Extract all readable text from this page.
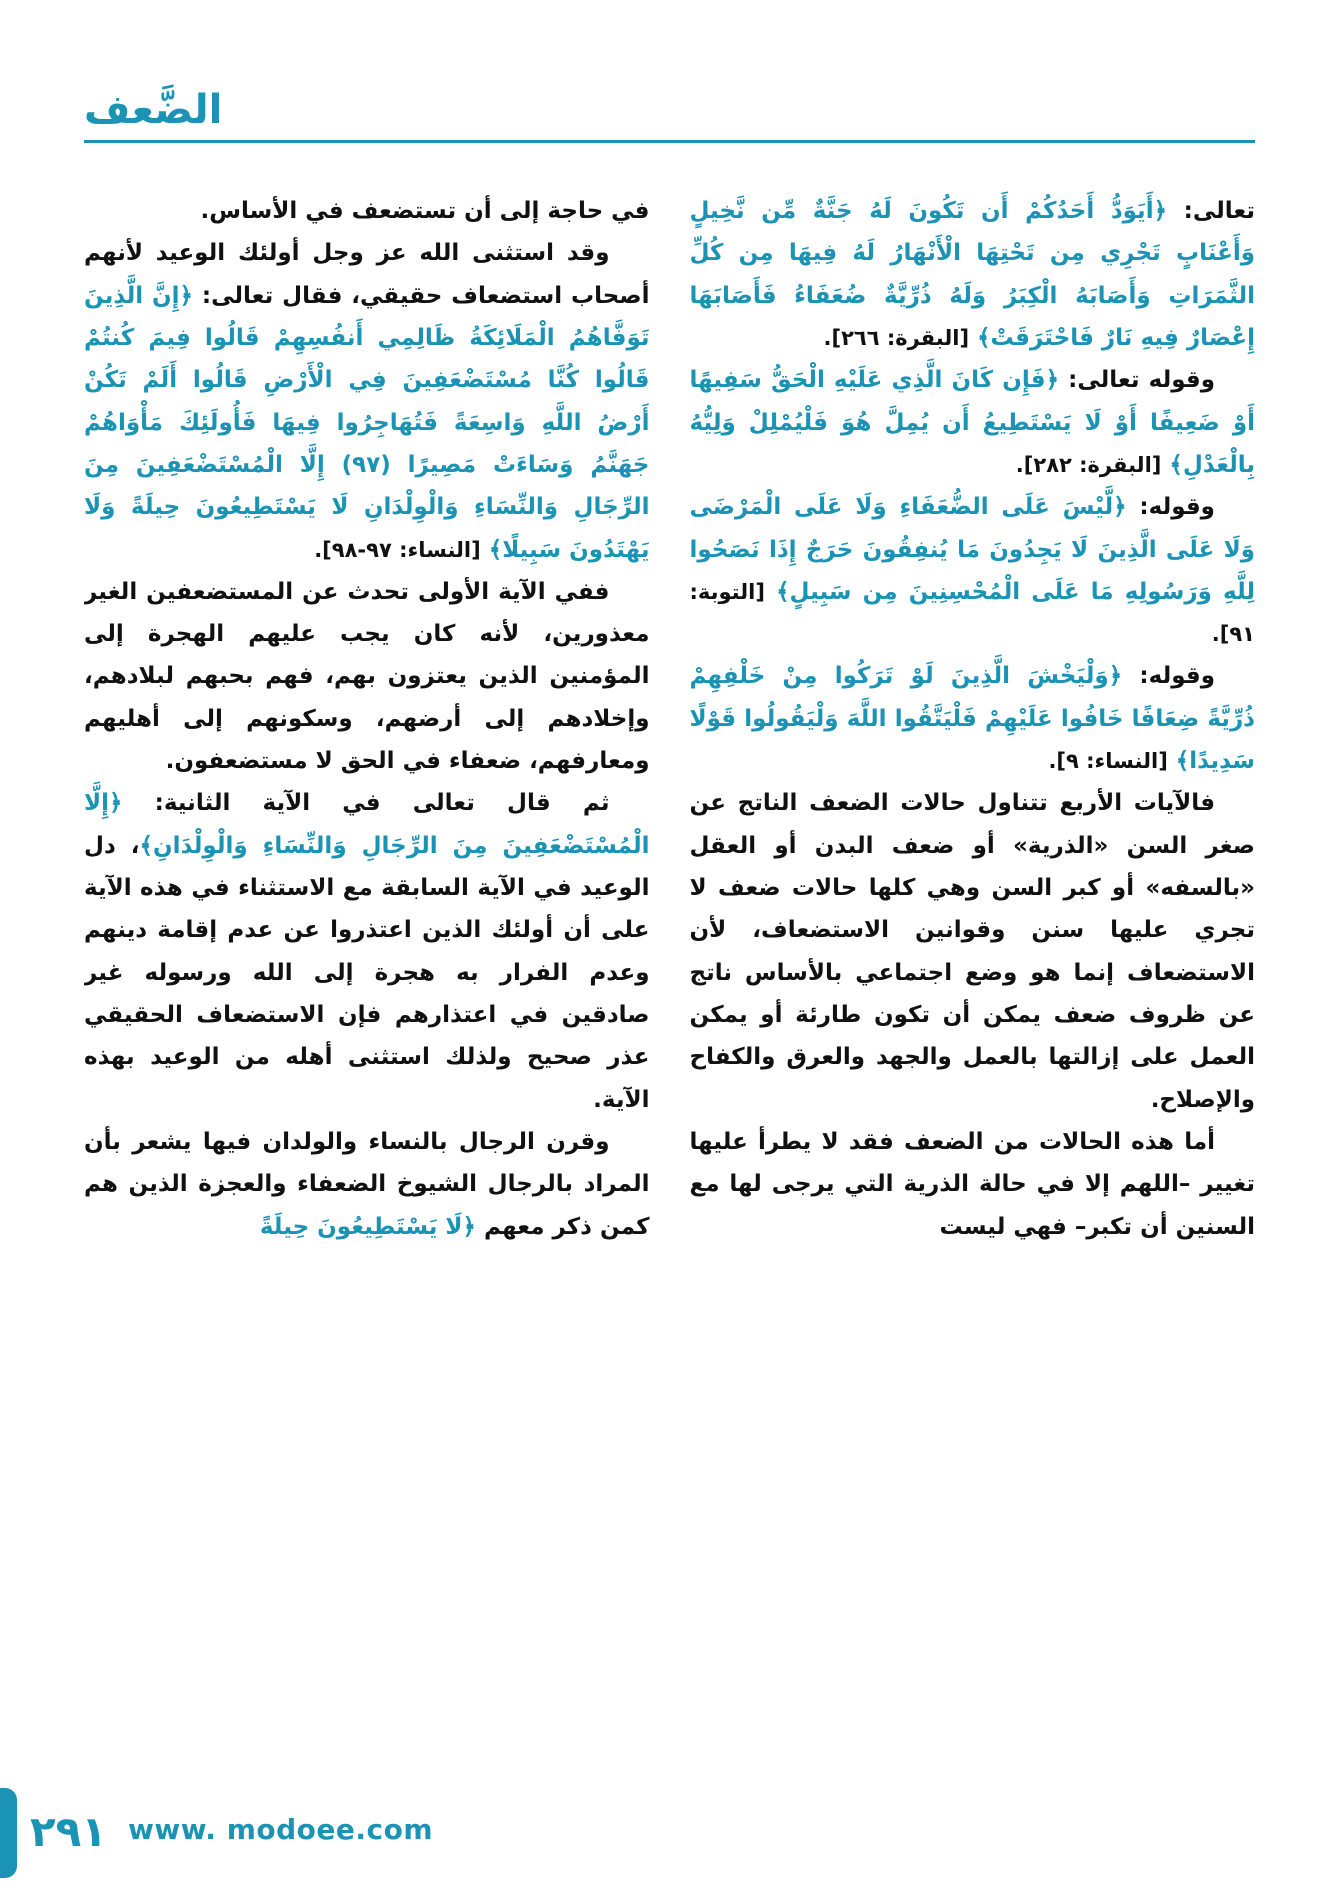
الضَّعف

تعالى: ﴿أَيَوَدُّ أَحَدُكُمْ أَن تَكُونَ لَهُ جَنَّةٌ مِّن نَّخِيلٍ وَأَعْنَابٍ تَجْرِي مِن تَحْتِهَا الْأَنْهَارُ لَهُ فِيهَا مِن كُلِّ الثَّمَرَاتِ وَأَصَابَهُ الْكِبَرُ وَلَهُ ذُرِّيَّةٌ ضُعَفَاءُ فَأَصَابَهَا إِعْصَارٌ فِيهِ نَارٌ فَاحْتَرَقَتْ﴾ [البقرة: ٢٦٦].

وقوله تعالى: ﴿فَإِن كَانَ الَّذِي عَلَيْهِ الْحَقُّ سَفِيهًا أَوْ ضَعِيفًا أَوْ لَا يَسْتَطِيعُ أَن يُمِلَّ هُوَ فَلْيُمْلِلْ وَلِيُّهُ بِالْعَدْلِ﴾ [البقرة: ٢٨٢].

وقوله: ﴿لَّيْسَ عَلَى الضُّعَفَاءِ وَلَا عَلَى الْمَرْضَى وَلَا عَلَى الَّذِينَ لَا يَجِدُونَ مَا يُنفِقُونَ حَرَجٌ إِذَا نَصَحُوا لِلَّهِ وَرَسُولِهِ مَا عَلَى الْمُحْسِنِينَ مِن سَبِيلٍ﴾ [التوبة: ٩١].

وقوله: ﴿وَلْيَخْشَ الَّذِينَ لَوْ تَرَكُوا مِنْ خَلْفِهِمْ ذُرِّيَّةً ضِعَافًا خَافُوا عَلَيْهِمْ فَلْيَتَّقُوا اللَّهَ وَلْيَقُولُوا قَوْلًا سَدِيدًا﴾ [النساء: ٩].

فالآيات الأربع تتناول حالات الضعف الناتج عن صغر السن «الذرية» أو ضعف البدن أو العقل «بالسفه» أو كبر السن وهي كلها حالات ضعف لا تجري عليها سنن وقوانين الاستضعاف، لأن الاستضعاف إنما هو وضع اجتماعي بالأساس ناتج عن ظروف ضعف يمكن أن تكون طارئة أو يمكن العمل على إزالتها بالعمل والجهد والعرق والكفاح والإصلاح.

أما هذه الحالات من الضعف فقد لا يطرأ عليها تغيير –اللهم إلا في حالة الذرية التي يرجى لها مع السنين أن تكبر– فهي ليست

في حاجة إلى أن تستضعف في الأساس.

وقد استثنى الله عز وجل أولئك الوعيد لأنهم أصحاب استضعاف حقيقي، فقال تعالى: ﴿إِنَّ الَّذِينَ تَوَفَّاهُمُ الْمَلَائِكَةُ ظَالِمِي أَنفُسِهِمْ قَالُوا فِيمَ كُنتُمْ قَالُوا كُنَّا مُسْتَضْعَفِينَ فِي الْأَرْضِ قَالُوا أَلَمْ تَكُنْ أَرْضُ اللَّهِ وَاسِعَةً فَتُهَاجِرُوا فِيهَا فَأُولَئِكَ مَأْوَاهُمْ جَهَنَّمُ وَسَاءَتْ مَصِيرًا (٩٧) إِلَّا الْمُسْتَضْعَفِينَ مِنَ الرِّجَالِ وَالنِّسَاءِ وَالْوِلْدَانِ لَا يَسْتَطِيعُونَ حِيلَةً وَلَا يَهْتَدُونَ سَبِيلًا﴾ [النساء: ٩٧-٩٨].

ففي الآية الأولى تحدث عن المستضعفين الغير معذورين، لأنه كان يجب عليهم الهجرة إلى المؤمنين الذين يعتزون بهم، فهم بحبهم لبلادهم، وإخلادهم إلى أرضهم، وسكونهم إلى أهليهم ومعارفهم، ضعفاء في الحق لا مستضعفون.

ثم قال تعالى في الآية الثانية: ﴿إِلَّا الْمُسْتَضْعَفِينَ مِنَ الرِّجَالِ وَالنِّسَاءِ وَالْوِلْدَانِ﴾، دل الوعيد في الآية السابقة مع الاستثناء في هذه الآية على أن أولئك الذين اعتذروا عن عدم إقامة دينهم وعدم الفرار به هجرة إلى الله ورسوله غير صادقين في اعتذارهم فإن الاستضعاف الحقيقي عذر صحيح ولذلك استثنى أهله من الوعيد بهذه الآية.

وقرن الرجال بالنساء والولدان فيها يشعر بأن المراد بالرجال الشيوخ الضعفاء والعجزة الذين هم كمن ذكر معهم ﴿لَا يَسْتَطِيعُونَ حِيلَةً

٢٩١ www. modoee.com
